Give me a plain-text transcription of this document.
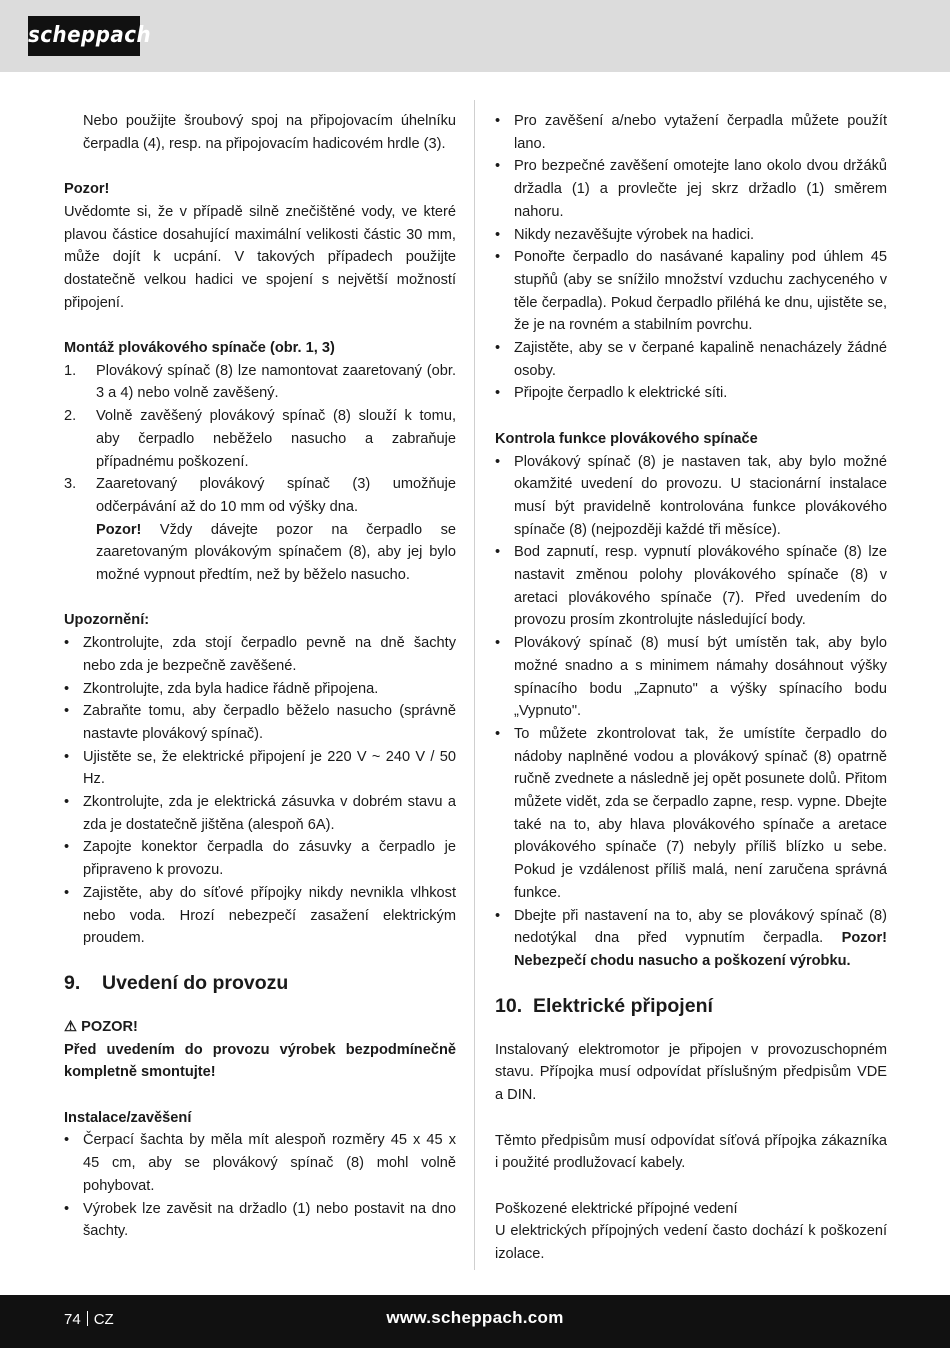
scheppach

Nebo použijte šroubový spoj na připojovacím úhelníku čerpadla (4), resp. na připojovacím hadicovém hrdle (3).

Pozor!

Uvědomte si, že v případě silně znečištěné vody, ve které plavou částice dosahující maximální velikosti částic 30 mm, může dojít k ucpání. V takových případech použijte dostatečně velkou hadici ve spojení s největší možností připojení.

Montáž plovákového spínače (obr. 1, 3)

1. Plovákový spínač (8) lze namontovat zaaretovaný (obr. 3 a 4) nebo volně zavěšený.
2. Volně zavěšený plovákový spínač (8) slouží k tomu, aby čerpadlo neběželo nasucho a zabraňuje případnému poškození.
3. Zaaretovaný plovákový spínač (3) umožňuje odčerpávání až do 10 mm od výšky dna.
Pozor! Vždy dávejte pozor na čerpadlo se zaaretovaným plovákovým spínačem (8), aby jej bylo možné vypnout předtím, než by běželo nasucho.

Upozornění:

• Zkontrolujte, zda stojí čerpadlo pevně na dně šachty nebo zda je bezpečně zavěšené.
• Zkontrolujte, zda byla hadice řádně připojena.
• Zabraňte tomu, aby čerpadlo běželo nasucho (správně nastavte plovákový spínač).
• Ujistěte se, že elektrické připojení je 220 V ~ 240 V / 50 Hz.
• Zkontrolujte, zda je elektrická zásuvka v dobrém stavu a zda je dostatečně jištěna (alespoň 6A).
• Zapojte konektor čerpadla do zásuvky a čerpadlo je připraveno k provozu.
• Zajistěte, aby do síťové přípojky nikdy nevnikla vlhkost nebo voda. Hrozí nebezpečí zasažení elektrickým proudem.
9. Uvedení do provozu

⚠ POZOR!

Před uvedením do provozu výrobek bezpodmínečně kompletně smontujte!

Instalace/zavěšení

• Čerpací šachta by měla mít alespoň rozměry 45 x 45 x 45 cm, aby se plovákový spínač (8) mohl volně pohybovat.
• Výrobek lze zavěsit na držadlo (1) nebo postavit na dno šachty.
• Pro zavěšení a/nebo vytažení čerpadla můžete použít lano.
• Pro bezpečné zavěšení omotejte lano okolo dvou držáků držadla (1) a provlečte jej skrz držadlo (1) směrem nahoru.
• Nikdy nezavěšujte výrobek na hadici.
• Ponořte čerpadlo do nasávané kapaliny pod úhlem 45 stupňů (aby se snížilo množství vzduchu zachyceného v těle čerpadla). Pokud čerpadlo přiléhá ke dnu, ujistěte se, že je na rovném a stabilním povrchu.
• Zajistěte, aby se v čerpané kapalině nenacházely žádné osoby.
• Připojte čerpadlo k elektrické síti.

Kontrola funkce plovákového spínače

• Plovákový spínač (8) je nastaven tak, aby bylo možné okamžité uvedení do provozu. U stacionární instalace musí být pravidelně kontrolována funkce plovákového spínače (8) (nejpozději každé tři měsíce).
• Bod zapnutí, resp. vypnutí plovákového spínače (8) lze nastavit změnou polohy plovákového spínače (8) v aretaci plovákového spínače (7). Před uvedením do provozu prosím zkontrolujte následující body.
• Plovákový spínač (8) musí být umístěn tak, aby bylo možné snadno a s minimem námahy dosáhnout výšky spínacího bodu „Zapnuto" a výšky spínacího bodu „Vypnuto".
• To můžete zkontrolovat tak, že umístíte čerpadlo do nádoby naplněné vodou a plovákový spínač (8) opatrně ručně zvednete a následně jej opět posunete dolů. Přitom můžete vidět, zda se čerpadlo zapne, resp. vypne. Dbejte také na to, aby hlava plovákového spínače a aretace plovákového spínače (7) nebyly příliš blízko u sebe. Pokud je vzdálenost příliš malá, není zaručena správná funkce.
• Dbejte při nastavení na to, aby se plovákový spínač (8) nedotýkal dna před vypnutím čerpadla. Pozor! Nebezpečí chodu nasucho a poškození výrobku.
10. Elektrické připojení

Instalovaný elektromotor je připojen v provozuschopném stavu. Přípojka musí odpovídat příslušným předpisům VDE a DIN.

Těmto předpisům musí odpovídat síťová přípojka zákazníka i použité prodlužovací kabely.

Poškozené elektrické přípojné vedení

U elektrických přípojných vedení často dochází k poškození izolace.

74 CZ	www.scheppach.com
